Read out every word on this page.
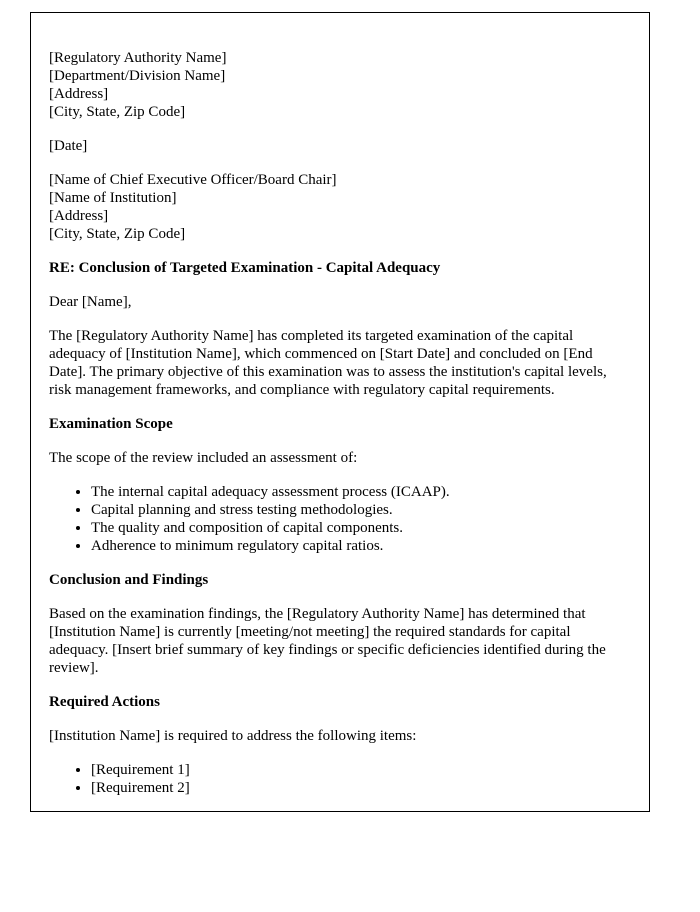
[Regulatory Authority Name]
[Department/Division Name]
[Address]
[City, State, Zip Code]
[Date]
[Name of Chief Executive Officer/Board Chair]
[Name of Institution]
[Address]
[City, State, Zip Code]
RE: Conclusion of Targeted Examination - Capital Adequacy
Dear [Name],
The [Regulatory Authority Name] has completed its targeted examination of the capital adequacy of [Institution Name], which commenced on [Start Date] and concluded on [End Date]. The primary objective of this examination was to assess the institution's capital levels, risk management frameworks, and compliance with regulatory capital requirements.
Examination Scope
The scope of the review included an assessment of:
• The internal capital adequacy assessment process (ICAAP).
• Capital planning and stress testing methodologies.
• The quality and composition of capital components.
• Adherence to minimum regulatory capital ratios.
Conclusion and Findings
Based on the examination findings, the [Regulatory Authority Name] has determined that [Institution Name] is currently [meeting/not meeting] the required standards for capital adequacy. [Insert brief summary of key findings or specific deficiencies identified during the review].
Required Actions
[Institution Name] is required to address the following items:
• [Requirement 1]
• [Requirement 2]
